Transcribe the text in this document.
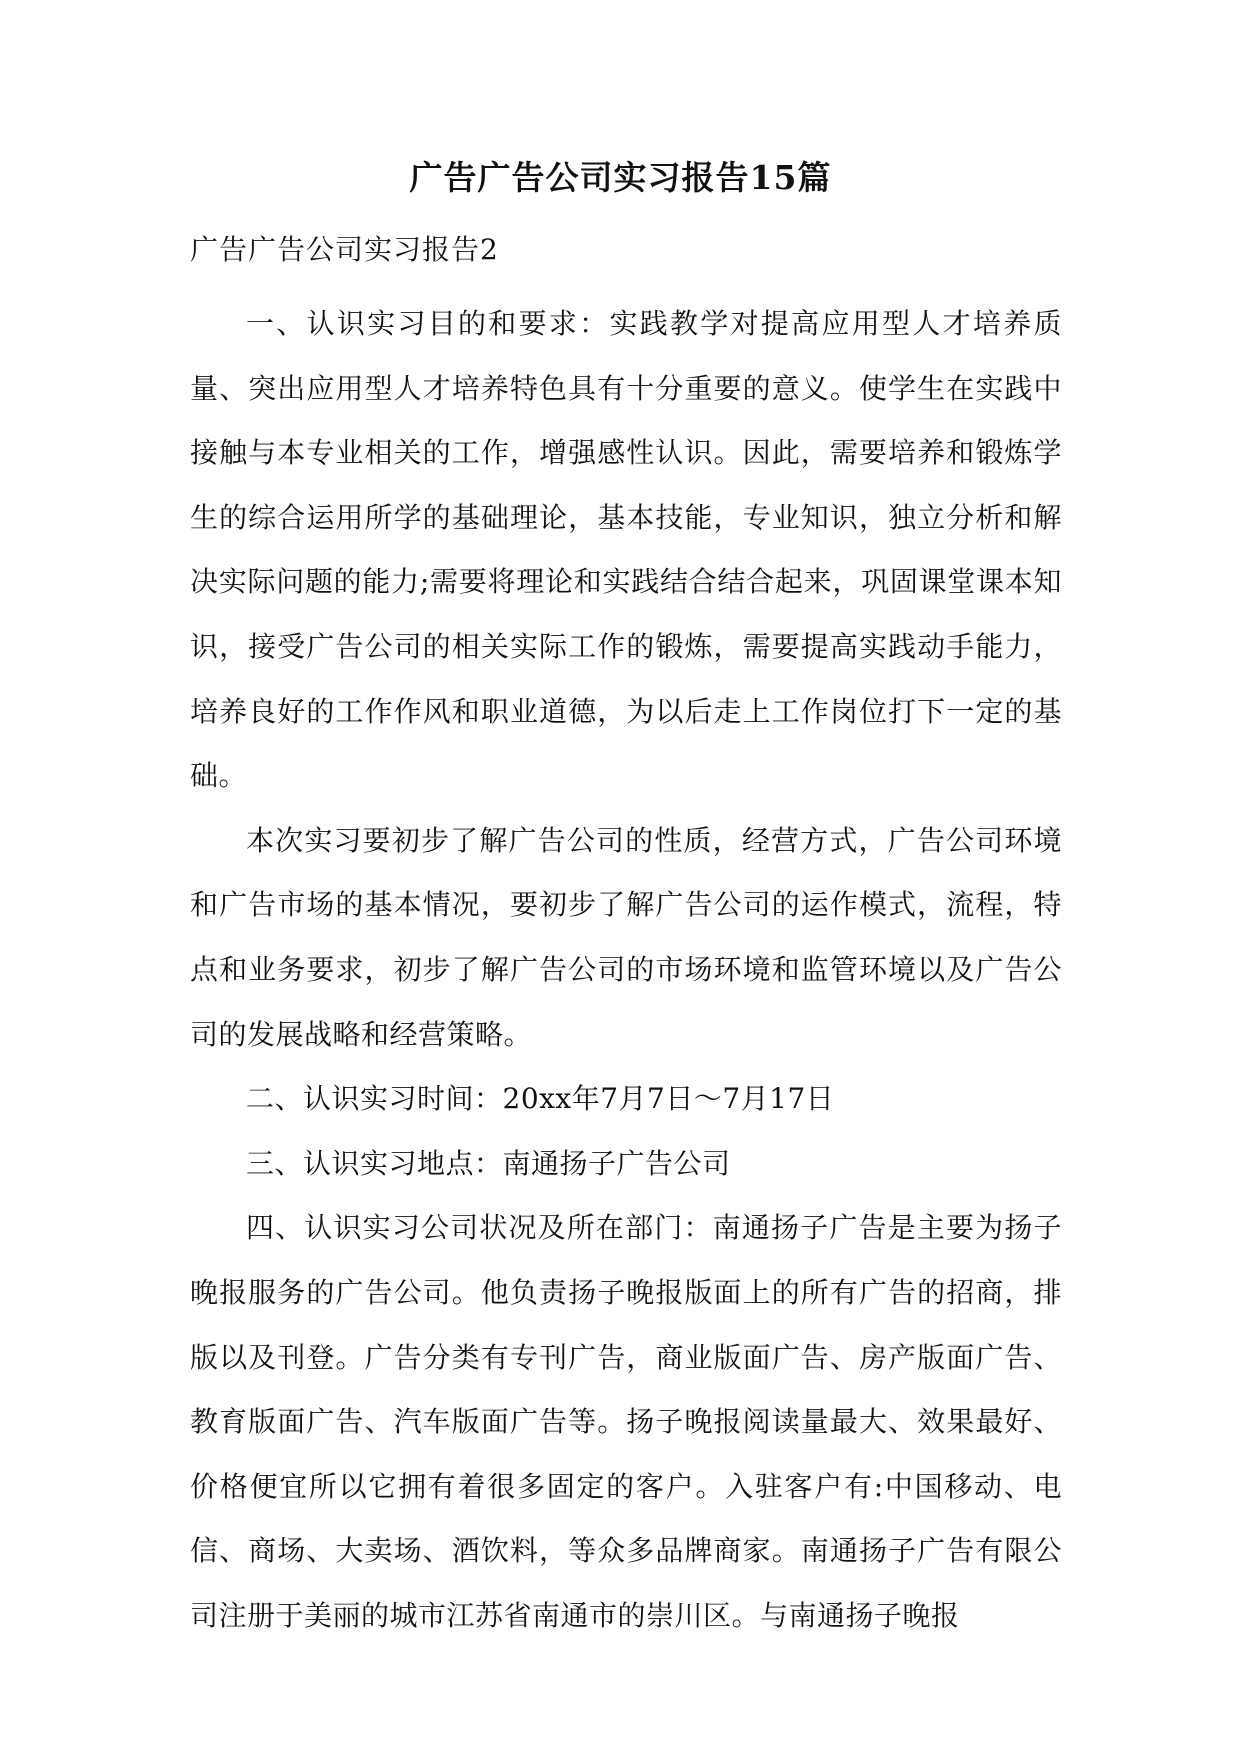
广告广告公司实习报告15篇
广告广告公司实习报告2

一、认识实习目的和要求：实践教学对提高应用型人才培养质量、突出应用型人才培养特色具有十分重要的意义。使学生在实践中接触与本专业相关的工作，增强感性认识。因此，需要培养和锻炼学生的综合运用所学的基础理论，基本技能，专业知识，独立分析和解决实际问题的能力;需要将理论和实践结合结合起来，巩固课堂课本知识，接受广告公司的相关实际工作的锻炼，需要提高实践动手能力，培养良好的工作作风和职业道德，为以后走上工作岗位打下一定的基础。

本次实习要初步了解广告公司的性质，经营方式，广告公司环境和广告市场的基本情况，要初步了解广告公司的运作模式，流程，特点和业务要求，初步了解广告公司的市场环境和监管环境以及广告公司的发展战略和经营策略。

二、认识实习时间：20xx年7月7日～7月17日

三、认识实习地点：南通扬子广告公司

四、认识实习公司状况及所在部门：南通扬子广告是主要为扬子晚报服务的广告公司。他负责扬子晚报版面上的所有广告的招商，排版以及刊登。广告分类有专刊广告，商业版面广告、房产版面广告、教育版面广告、汽车版面广告等。扬子晚报阅读量最大、效果最好、价格便宜所以它拥有着很多固定的客户。入驻客户有:中国移动、电信、商场、大卖场、酒饮料，等众多品牌商家。南通扬子广告有限公司注册于美丽的城市江苏省南通市的崇川区。与南通扬子晚报
